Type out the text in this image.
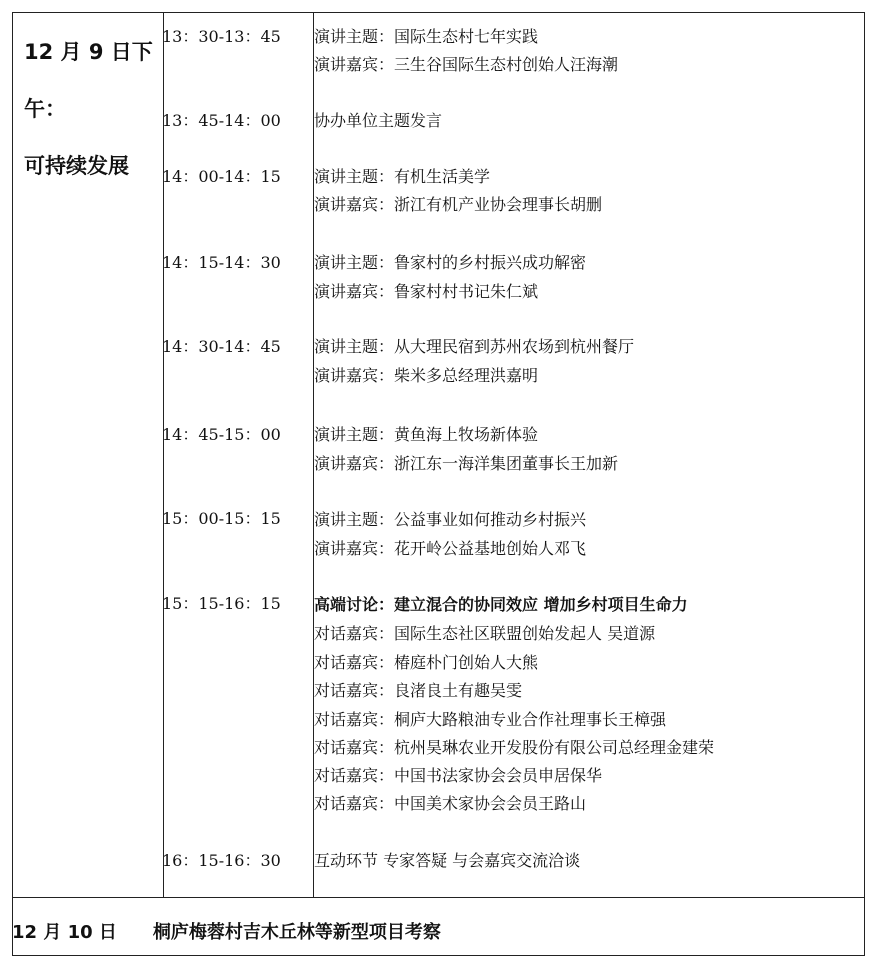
12 月 9 日下
午：
可持续发展
13：30-13：45 演讲主题：国际生态村七年实践
演讲嘉宾：三生谷国际生态村创始人汪海潮
13：45-14：00 协办单位主题发言
14：00-14：15 演讲主题：有机生活美学
演讲嘉宾：浙江有机产业协会理事长胡删
14：15-14：30 演讲主题：鲁家村的乡村振兴成功解密
演讲嘉宾：鲁家村村书记朱仁斌
14：30-14：45 演讲主题：从大理民宿到苏州农场到杭州餐厅
演讲嘉宾：柴米多总经理洪嘉明
14：45-15：00 演讲主题：黄鱼海上牧场新体验
演讲嘉宾：浙江东一海洋集团董事长王加新
15：00-15：15 演讲主题：公益事业如何推动乡村振兴
演讲嘉宾：花开岭公益基地创始人邓飞
15：15-16：15 高端讨论：建立混合的协同效应 增加乡村项目生命力
对话嘉宾：国际生态社区联盟创始发起人 吴道源
对话嘉宾：椿庭朴门创始人大熊
对话嘉宾：良渚良土有趣吴雯
对话嘉宾：桐庐大路粮油专业合作社理事长王樟强
对话嘉宾：杭州昊琳农业开发股份有限公司总经理金建荣
对话嘉宾：中国书法家协会会员申居保华
对话嘉宾：中国美术家协会会员王路山
16：15-16：30 互动环节 专家答疑 与会嘉宾交流洽谈
12 月 10 日 桐庐梅蓉村吉木丘林等新型项目考察
